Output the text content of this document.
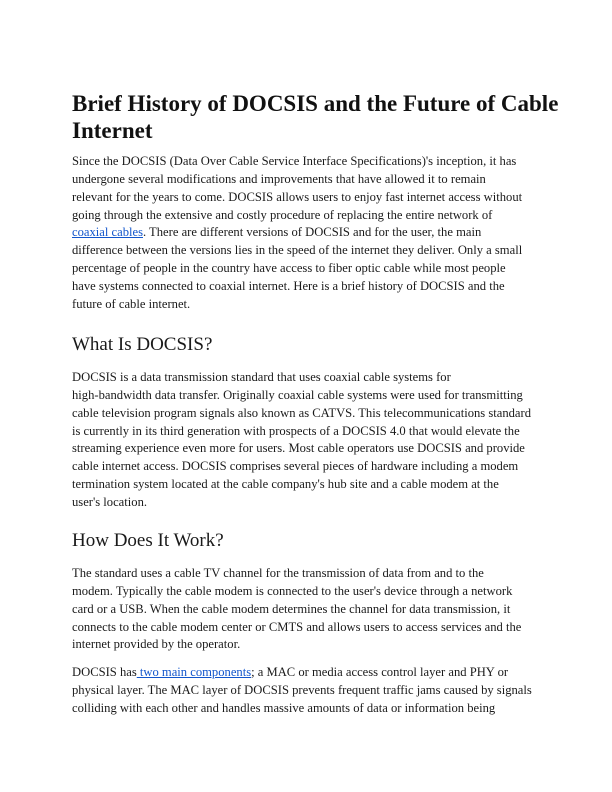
Brief History of DOCSIS and the Future of Cable
Internet
Since the DOCSIS (Data Over Cable Service Interface Specifications)'s inception, it has
undergone several modifications and improvements that have allowed it to remain
relevant for the years to come. DOCSIS allows users to enjoy fast internet access without
going through the extensive and costly procedure of replacing the entire network of
coaxial cables. There are different versions of DOCSIS and for the user, the main
difference between the versions lies in the speed of the internet they deliver. Only a small
percentage of people in the country have access to fiber optic cable while most people
have systems connected to coaxial internet. Here is a brief history of DOCSIS and the
future of cable internet.
What Is DOCSIS?
DOCSIS is a data transmission standard that uses coaxial cable systems for
high-bandwidth data transfer. Originally coaxial cable systems were used for transmitting
cable television program signals also known as CATVS. This telecommunications standard
is currently in its third generation with prospects of a DOCSIS 4.0 that would elevate the
streaming experience even more for users. Most cable operators use DOCSIS and provide
cable internet access. DOCSIS comprises several pieces of hardware including a modem
termination system located at the cable company's hub site and a cable modem at the
user's location.
How Does It Work?
The standard uses a cable TV channel for the transmission of data from and to the
modem. Typically the cable modem is connected to the user's device through a network
card or a USB. When the cable modem determines the channel for data transmission, it
connects to the cable modem center or CMTS and allows users to access services and the
internet provided by the operator.
DOCSIS has two main components; a MAC or media access control layer and PHY or
physical layer. The MAC layer of DOCSIS prevents frequent traffic jams caused by signals
colliding with each other and handles massive amounts of data or information being
